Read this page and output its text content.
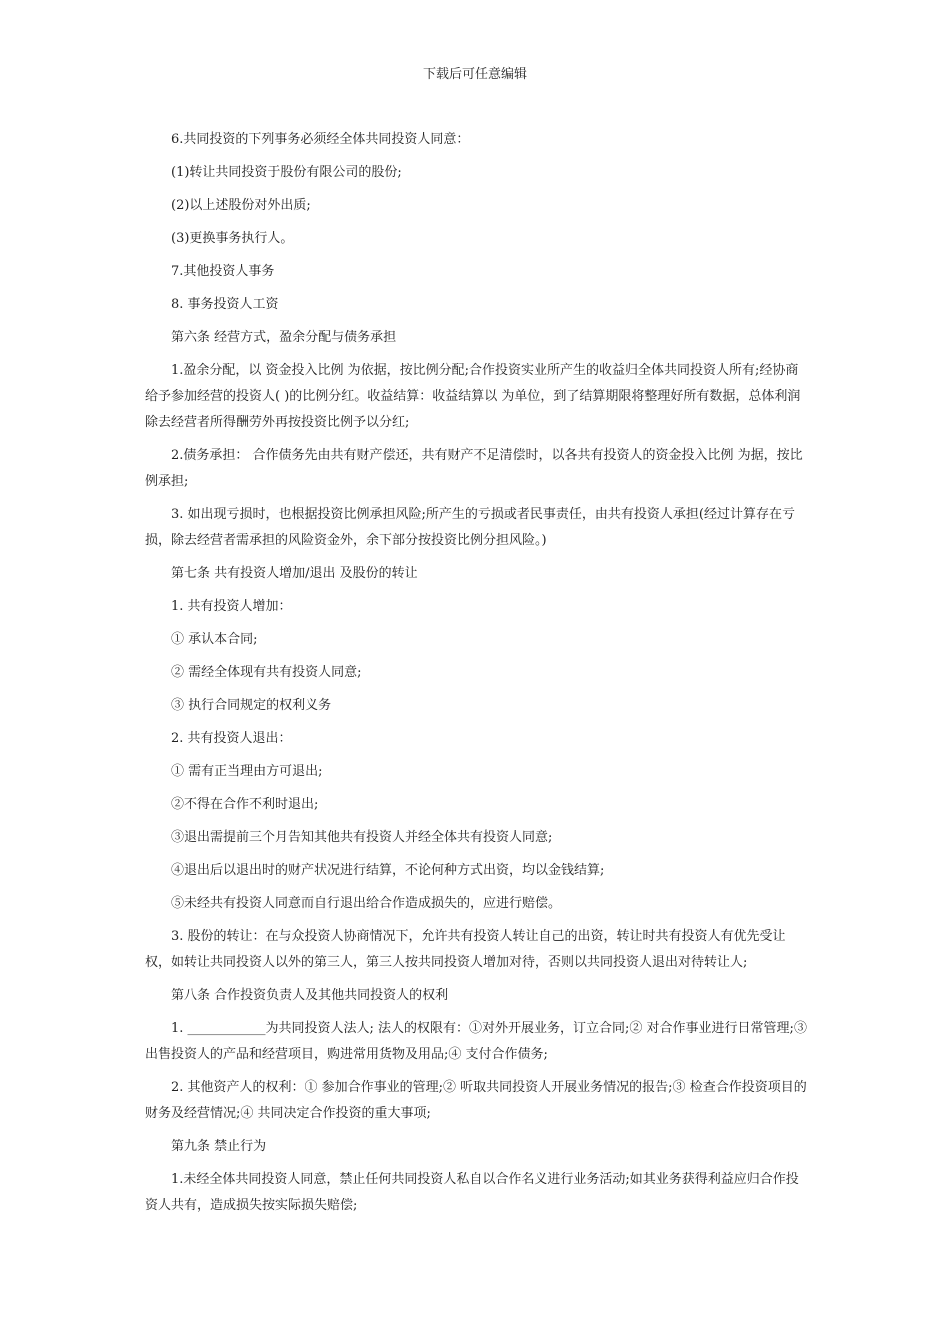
下载后可任意编辑

6.共同投资的下列事务必须经全体共同投资人同意：

(1)转让共同投资于股份有限公司的股份;

(2)以上述股份对外出质;

(3)更换事务执行人。

7.其他投资人事务

8. 事务投资人工资

第六条 经营方式，盈余分配与债务承担

1.盈余分配，以 资金投入比例 为依据，按比例分配;合作投资实业所产生的收益归全体共同投资人所有;经协商给予参加经营的投资人( )的比例分红。收益结算：收益结算以 为单位，到了结算期限将整理好所有数据，总体利润除去经营者所得酬劳外再按投资比例予以分红;

2.债务承担： 合作债务先由共有财产偿还，共有财产不足清偿时，以各共有投资人的资金投入比例 为据，按比例承担;

3. 如出现亏损时，也根据投资比例承担风险;所产生的亏损或者民事责任，由共有投资人承担(经过计算存在亏损，除去经营者需承担的风险资金外，余下部分按投资比例分担风险。)

第七条 共有投资人增加/退出 及股份的转让

1. 共有投资人增加：

① 承认本合同;

② 需经全体现有共有投资人同意;

③ 执行合同规定的权利义务

2. 共有投资人退出：

① 需有正当理由方可退出;

②不得在合作不利时退出;

③退出需提前三个月告知其他共有投资人并经全体共有投资人同意;

④退出后以退出时的财产状况进行结算，不论何种方式出资，均以金钱结算;

⑤未经共有投资人同意而自行退出给合作造成损失的，应进行赔偿。

3. 股份的转让：在与众投资人协商情况下，允许共有投资人转让自己的出资，转让时共有投资人有优先受让权，如转让共同投资人以外的第三人，第三人按共同投资人增加对待，否则以共同投资人退出对待转让人;

第八条 合作投资负责人及其他共同投资人的权利

1. ____________为共同投资人法人; 法人的权限有：①对外开展业务，订立合同;② 对合作事业进行日常管理;③出售投资人的产品和经营项目，购进常用货物及用品;④ 支付合作债务;

2. 其他资产人的权利：① 参加合作事业的管理;② 听取共同投资人开展业务情况的报告;③ 检查合作投资项目的财务及经营情况;④ 共同决定合作投资的重大事项;

第九条 禁止行为

1.未经全体共同投资人同意，禁止任何共同投资人私自以合作名义进行业务活动;如其业务获得利益应归合作投资人共有，造成损失按实际损失赔偿;
